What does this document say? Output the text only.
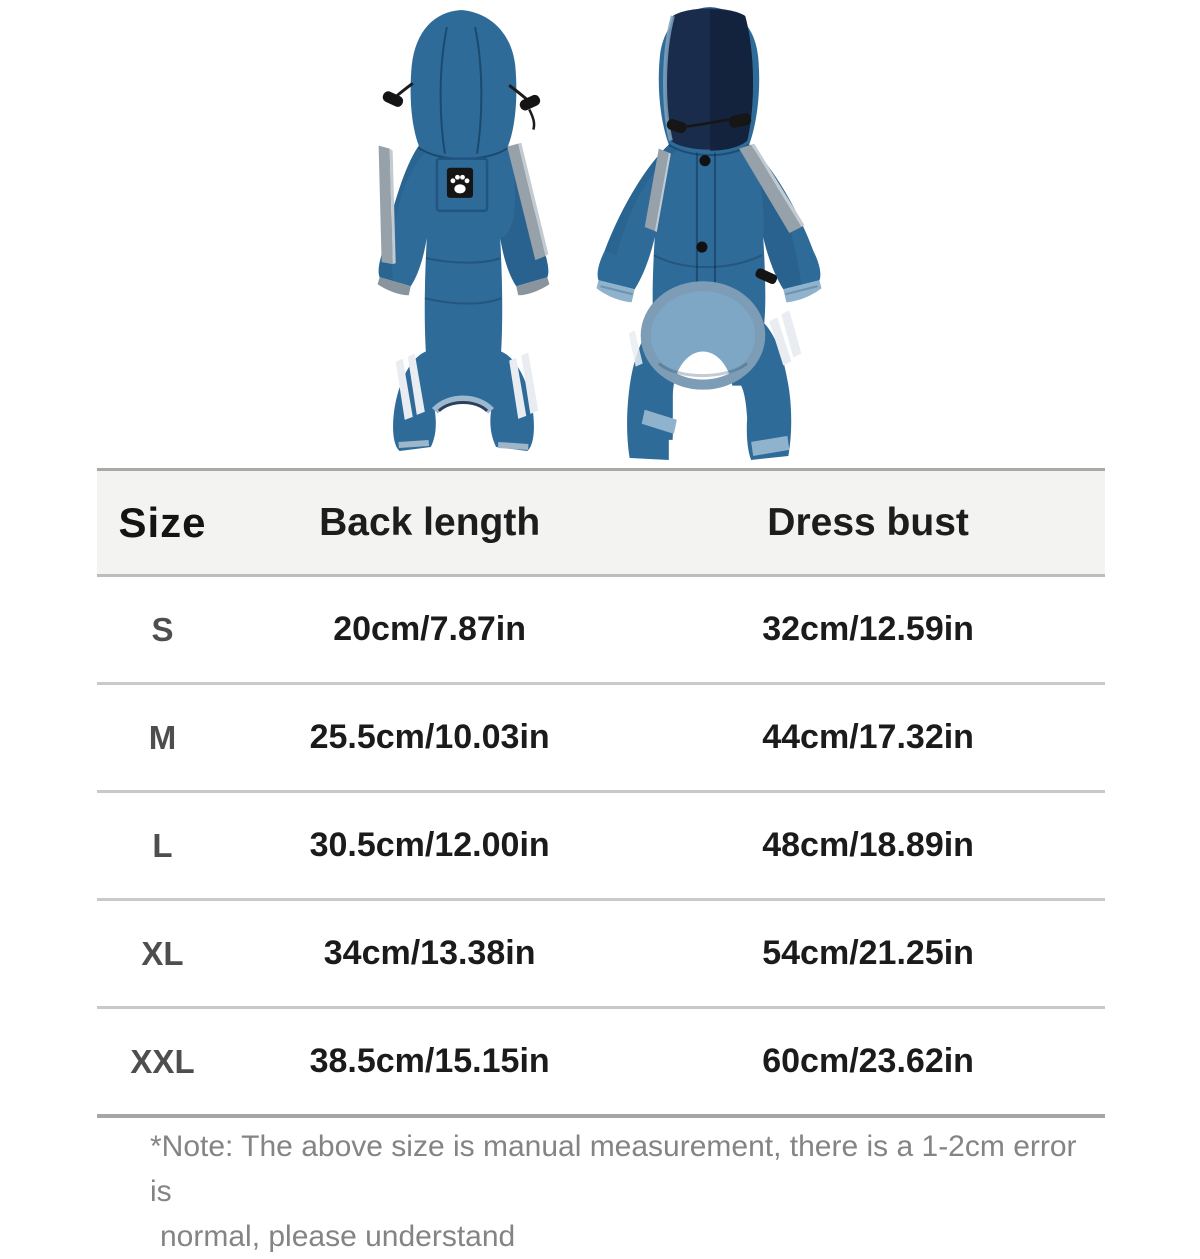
Size	Back length	Dress bust
S	20cm/7.87in	32cm/12.59in
M	25.5cm/10.03in	44cm/17.32in
L	30.5cm/12.00in	48cm/18.89in
XL	34cm/13.38in	54cm/21.25in
XXL	38.5cm/15.15in	60cm/23.62in
*Note: The above size is manual measurement, there is a 1-2cm error is
normal, please understand
